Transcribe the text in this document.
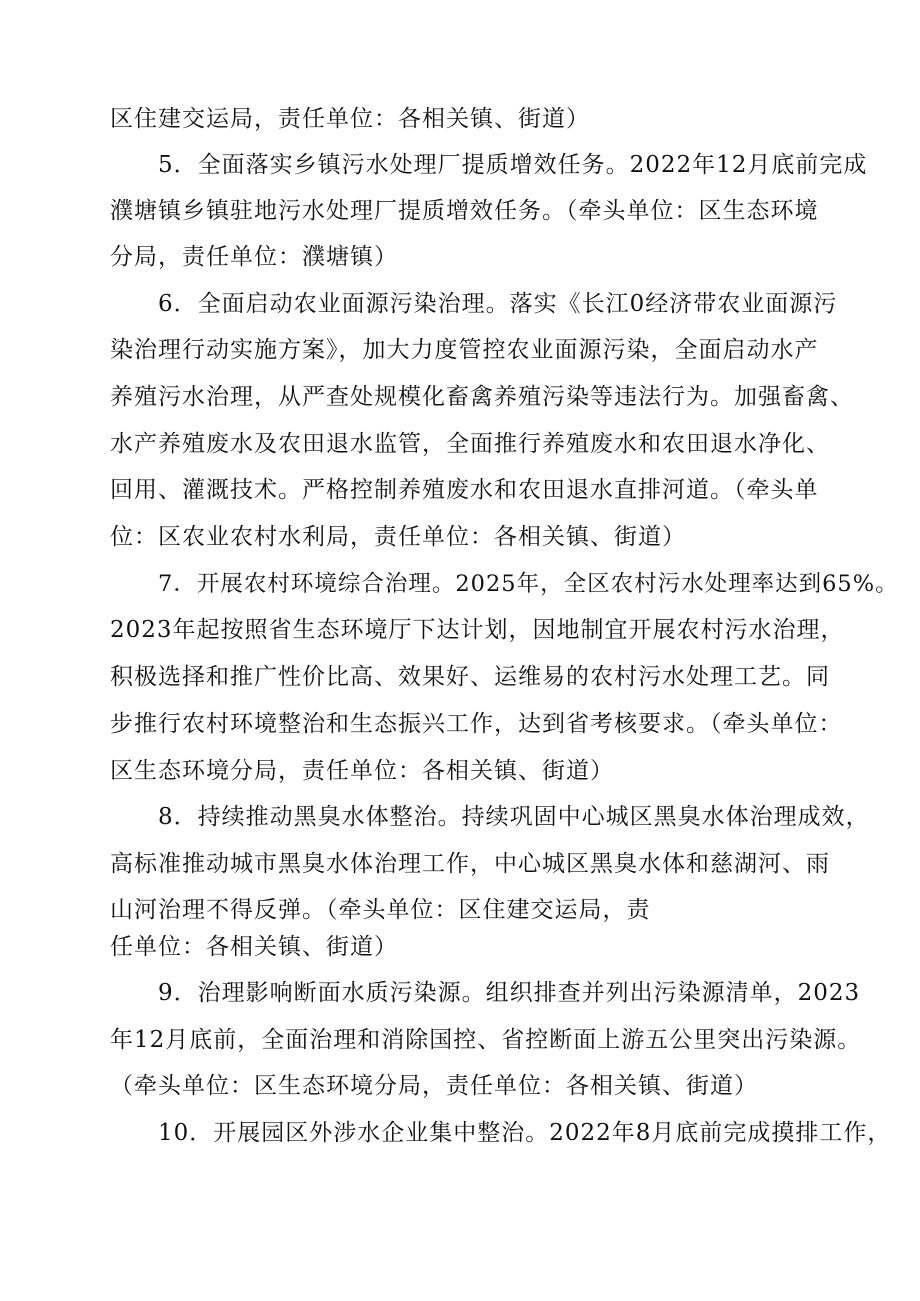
区住建交运局，责任单位：各相关镇、街道）
5．全面落实乡镇污水处理厂提质增效任务。2022年12月底前完成
濮塘镇乡镇驻地污水处理厂提质增效任务。（牵头单位：区生态环境
分局，责任单位：濮塘镇）
6．全面启动农业面源污染治理。落实《长江0经济带农业面源污
染治理行动实施方案》，加大力度管控农业面源污染，全面启动水产
养殖污水治理，从严查处规模化畜禽养殖污染等违法行为。加强畜禽、
水产养殖废水及农田退水监管，全面推行养殖废水和农田退水净化、
回用、灌溉技术。严格控制养殖废水和农田退水直排河道。（牵头单
位：区农业农村水利局，责任单位：各相关镇、街道）
7．开展农村环境综合治理。2025年，全区农村污水处理率达到65%。
2023年起按照省生态环境厅下达计划，因地制宜开展农村污水治理，
积极选择和推广性价比高、效果好、运维易的农村污水处理工艺。同
步推行农村环境整治和生态振兴工作，达到省考核要求。（牵头单位：
区生态环境分局，责任单位：各相关镇、街道）
8．持续推动黑臭水体整治。持续巩固中心城区黑臭水体治理成效，
高标准推动城市黑臭水体治理工作，中心城区黑臭水体和慈湖河、雨
山河治理不得反弹。（牵头单位：区住建交运局，责
任单位：各相关镇、街道）
9．治理影响断面水质污染源。组织排查并列出污染源清单，2023
年12月底前，全面治理和消除国控、省控断面上游五公里突出污染源。
（牵头单位：区生态环境分局，责任单位：各相关镇、街道）
10．开展园区外涉水企业集中整治。2022年8月底前完成摸排工作，
